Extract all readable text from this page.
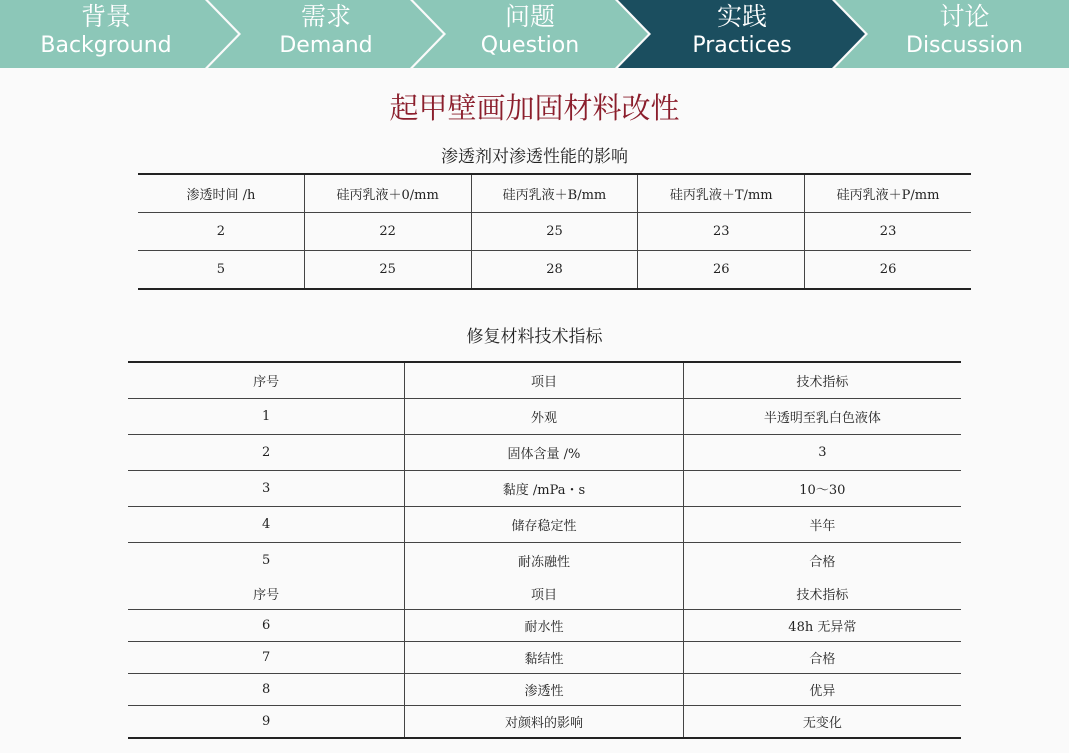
背景
Background
需求
Demand
问题
Question
实践
Practices
讨论
Discussion
起甲壁画加固材料改性
渗透剂对渗透性能的影响
渗透时间 /h	硅丙乳液＋0/mm	硅丙乳液＋B/mm	硅丙乳液＋T/mm	硅丙乳液＋P/mm
2	22	25	23	23
5	25	28	26	26
修复材料技术指标
序号	项目	技术指标
1	外观	半透明至乳白色液体
2	固体含量 /%	3
3	黏度 /mPa・s	10～30
4	储存稳定性	半年
5	耐冻融性	合格
序号	项目	技术指标
6	耐水性	48h 无异常
7	黏结性	合格
8	渗透性	优异
9	对颜料的影响	无变化
